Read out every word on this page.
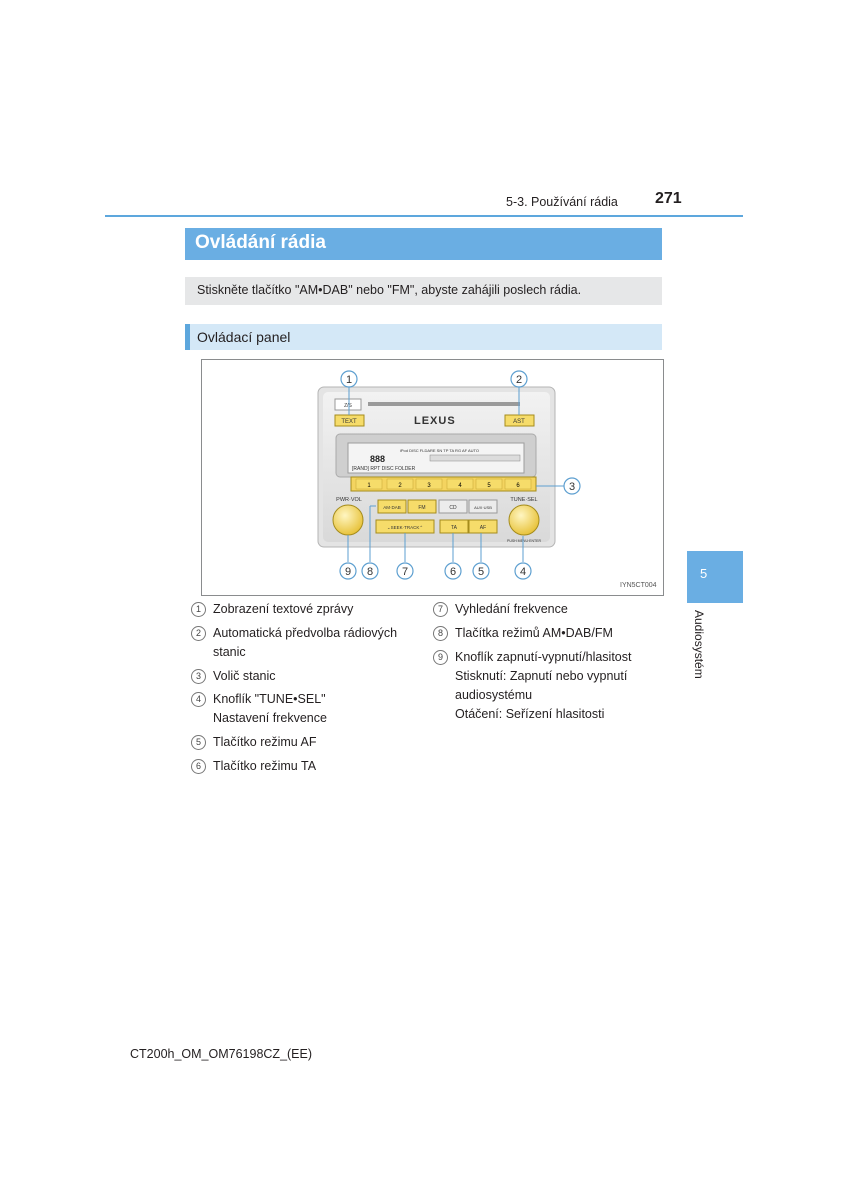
5-3. Používání rádia 271
Ovládání rádia
Stiskněte tlačítko "AM•DAB" nebo "FM", abyste zahájili poslech rádia.
Ovládací panel
Z/S
LEXUS
TEXT	AST
iPod DISC FLDARE SN TP TA RG AF AUTO
888
[RAND] RPT DISC FOLDER
1	2	3	4	5	6
AM·DAB	FM	CD	AUX·USB
⌄SEEK·TRACK⌃	TA	AF
PWR·VOL	TUNE·SEL
PUSH MENU·ENTER
1	2
3
4
5
6
7
8
9
IYN5CT004
5
Audiosystém
1 Zobrazení textové zprávy
2 Automatická předvolba rádiových stanic
3 Volič stanic
4 Knoflík "TUNE•SEL"
Nastavení frekvence
5 Tlačítko režimu AF
6 Tlačítko režimu TA
7 Vyhledání frekvence
8 Tlačítka režimů AM•DAB/FM
9 Knoflík zapnutí-vypnutí/hlasitost
Stisknutí: Zapnutí nebo vypnutí audiosystému
Otáčení: Seřízení hlasitosti
CT200h_OM_OM76198CZ_(EE)
